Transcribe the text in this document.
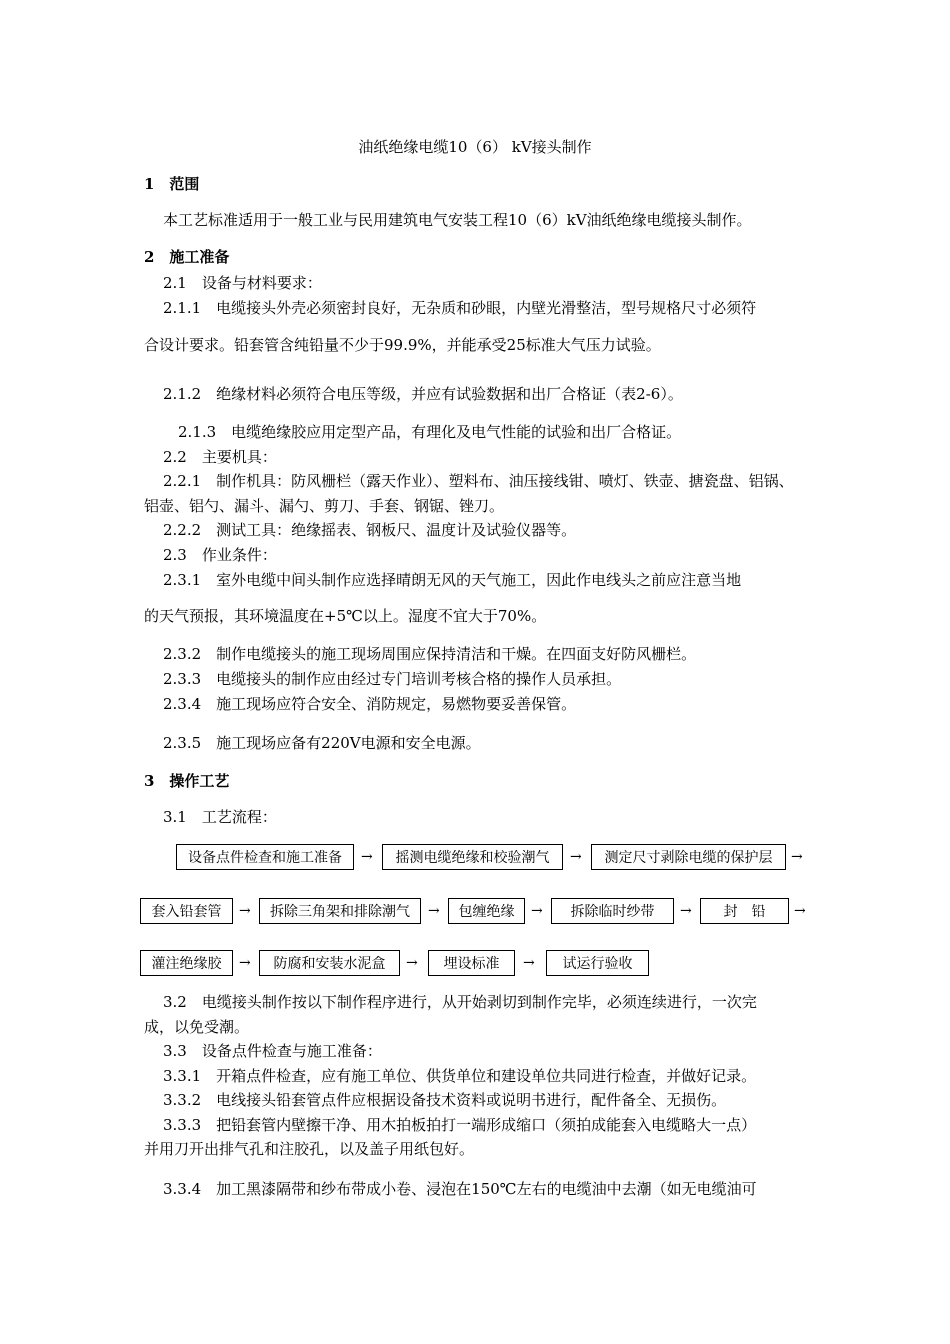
油纸绝缘电缆10（6） kV接头制作
1　范围
本工艺标准适用于一般工业与民用建筑电气安装工程10（6）kV油纸绝缘电缆接头制作。
2　施工准备
2.1　设备与材料要求：
2.1.1　电缆接头外壳必须密封良好，无杂质和砂眼，内壁光滑整洁，型号规格尺寸必须符
合设计要求。铅套管含纯铅量不少于99.9%，并能承受25标准大气压力试验。
2.1.2　绝缘材料必须符合电压等级，并应有试验数据和出厂合格证（表2-6）。
2.1.3　电缆绝缘胶应用定型产品，有理化及电气性能的试验和出厂合格证。
2.2　主要机具：
2.2.1　制作机具：防风栅栏（露天作业）、塑料布、油压接线钳、喷灯、铁壶、搪瓷盘、铝锅、
铝壶、铝勺、漏斗、漏勺、剪刀、手套、钢锯、锉刀。
2.2.2　测试工具：绝缘摇表、钢板尺、温度计及试验仪器等。
2.3　作业条件：
2.3.1　室外电缆中间头制作应选择晴朗无风的天气施工，因此作电线头之前应注意当地
的天气预报，其环境温度在+5℃以上。湿度不宜大于70%。
2.3.2　制作电缆接头的施工现场周围应保持清洁和干燥。在四面支好防风栅栏。
2.3.3　电缆接头的制作应由经过专门培训考核合格的操作人员承担。
2.3.4　施工现场应符合安全、消防规定，易燃物要妥善保管。
2.3.5　施工现场应备有220V电源和安全电源。
3　操作工艺
3.1　工艺流程：
设备点件检查和施工准备	→	摇测电缆绝缘和校验潮气	→	测定尺寸剥除电缆的保护层	→
套入铅套管	→	拆除三角架和排除潮气	→	包缠绝缘	→	拆除临时纱带	→	封　铅	→
灌注绝缘胶	→	防腐和安装水泥盒	→	埋设标准	→	试运行验收
3.2　电缆接头制作按以下制作程序进行，从开始剥切到制作完毕，必须连续进行，一次完
成，以免受潮。
3.3　设备点件检查与施工准备：
3.3.1　开箱点件检查，应有施工单位、供货单位和建设单位共同进行检查，并做好记录。
3.3.2　电线接头铅套管点件应根据设备技术资料或说明书进行，配件备全、无损伤。
3.3.3　把铅套管内壁擦干净、用木拍板拍打一端形成缩口（须拍成能套入电缆略大一点）
并用刀开出排气孔和注胶孔，以及盖子用纸包好。
3.3.4　加工黑漆隔带和纱布带成小卷、浸泡在150℃左右的电缆油中去潮（如无电缆油可
